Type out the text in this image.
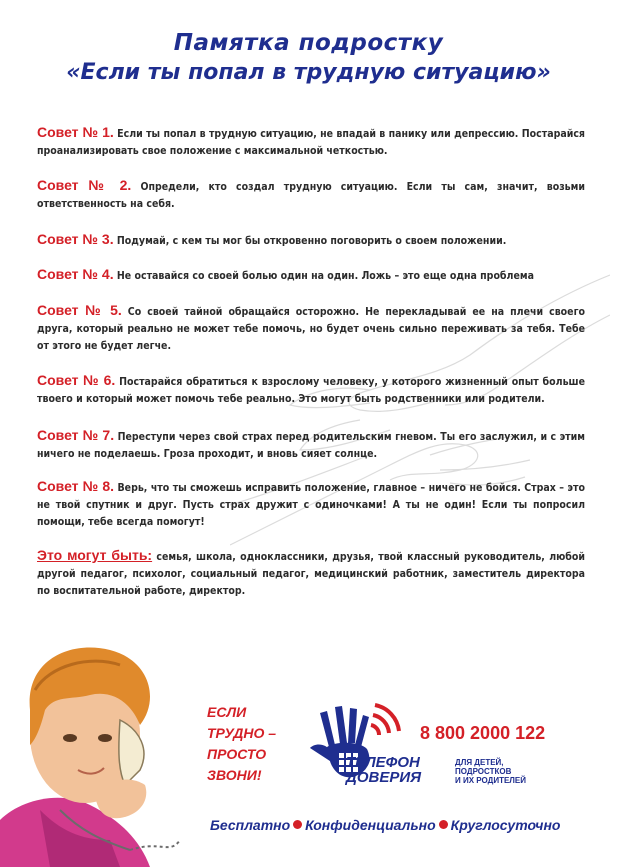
Памятка подростку
«Если ты попал в трудную ситуацию»
Совет № 1. Если ты попал в трудную ситуацию, не впадай в панику или депрессию. Постарайся проанализировать свое положение с максимальной четкостью.
Совет № 2. Определи, кто создал трудную ситуацию. Если ты сам, значит, возьми ответственность на себя.
Совет № 3. Подумай, с кем ты мог бы откровенно поговорить о своем положении.
Совет № 4. Не оставайся со своей болью один на один. Ложь – это еще одна проблема
Совет № 5. Со своей тайной обращайся осторожно. Не перекладывай ее на плечи своего друга, который реально не может тебе помочь, но будет очень сильно переживать за тебя. Тебе от этого не будет легче.
Совет № 6. Постарайся обратиться к взрослому человеку, у которого жизненный опыт больше твоего и который может помочь тебе реально. Это могут быть родственники или родители.
Совет № 7. Переступи через свой страх перед родительским гневом. Ты его заслужил, и с этим ничего не поделаешь. Гроза проходит, и вновь сияет солнце.
Совет № 8. Верь, что ты сможешь исправить положение, главное – ничего не бойся. Страх – это не твой спутник и друг. Пусть страх дружит с одиночками! А ты не один! Если ты попросил помощи, тебе всегда помогут!
Это могут быть: семья, школа, одноклассники, друзья, твой классный руководитель, любой другой педагог, психолог, социальный педагог, медицинский работник, заместитель директора по воспитательной работе, директор.
ЕСЛИ
ТРУДНО –
ПРОСТО
ЗВОНИ!
8 800 2000 122
ТЕЛЕФОН
ДОВЕРИЯ
ДЛЯ ДЕТЕЙ,
ПОДРОСТКОВ
И ИХ РОДИТЕЛЕЙ
Бесплатно Конфиденциально Круглосуточно
